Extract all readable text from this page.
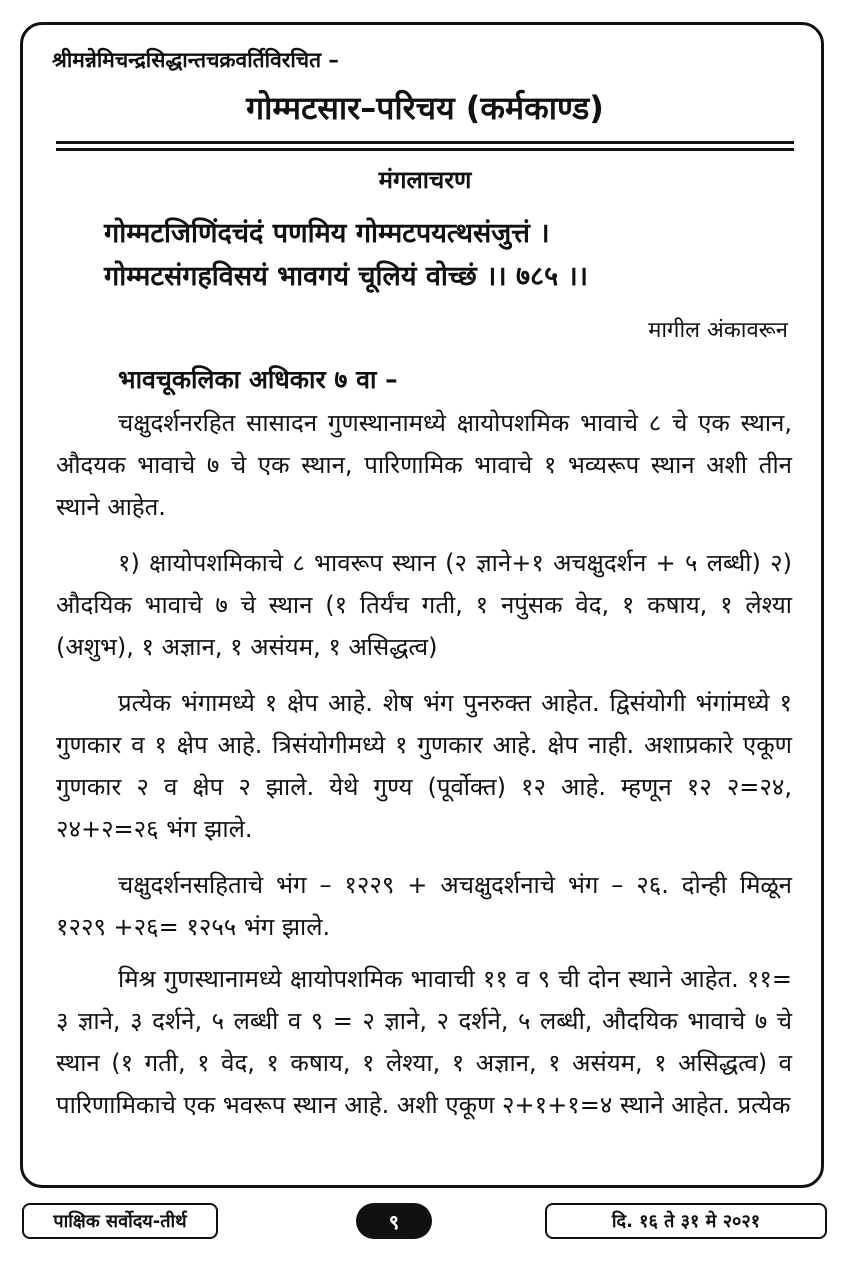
श्रीमन्नेमिचन्द्रसिद्धान्तचक्रवर्तिविरचित –
गोम्मटसार–परिचय (कर्मकाण्ड)
मंगलाचरण
गोम्मटजिणिंदचंदं पणमिय गोम्मटपयत्थसंजुत्तं ।
गोम्मटसंगहविसयं भावगयं चूलियं वोच्छं ।। ७८५ ।।
मागील अंकावरून
भावचूकलिका अधिकार ७ वा –

चक्षुदर्शनरहित सासादन गुणस्थानामध्ये क्षायोपशमिक भावाचे ८ चे एक स्थान, औदयक भावाचे ७ चे एक स्थान, पारिणामिक भावाचे १ भव्यरूप स्थान अशी तीन स्थाने आहेत.

१) क्षायोपशमिकाचे ८ भावरूप स्थान (२ ज्ञाने+१ अचक्षुदर्शन + ५ लब्धी) २) औदयिक भावाचे ७ चे स्थान (१ तिर्यंच गती, १ नपुंसक वेद, १ कषाय, १ लेश्या (अशुभ), १ अज्ञान, १ असंयम, १ असिद्धत्व)

प्रत्येक भंगामध्ये १ क्षेप आहे. शेष भंग पुनरुक्त आहेत. द्विसंयोगी भंगांमध्ये १ गुणकार व १ क्षेप आहे. त्रिसंयोगीमध्ये १ गुणकार आहे. क्षेप नाही. अशाप्रकारे एकूण गुणकार २ व क्षेप २ झाले. येथे गुण्य (पूर्वोक्त) १२ आहे. म्हणून १२ २=२४, २४+२=२६ भंग झाले.

चक्षुदर्शनसहिताचे भंग – १२२९ + अचक्षुदर्शनाचे भंग – २६. दोन्ही मिळून १२२९ +२६= १२५५ भंग झाले.

मिश्र गुणस्थानामध्ये क्षायोपशमिक भावाची ११ व ९ ची दोन स्थाने आहेत. ११= ३ ज्ञाने, ३ दर्शने, ५ लब्धी व ९ = २ ज्ञाने, २ दर्शने, ५ लब्धी, औदयिक भावाचे ७ चे स्थान (१ गती, १ वेद, १ कषाय, १ लेश्या, १ अज्ञान, १ असंयम, १ असिद्धत्व) व पारिणामिकाचे एक भवरूप स्थान आहे. अशी एकूण २+१+१=४ स्थाने आहेत. प्रत्येक

पाक्षिक सर्वोदय-तीर्थ	९	दि. १६ ते ३१ मे २०२१
